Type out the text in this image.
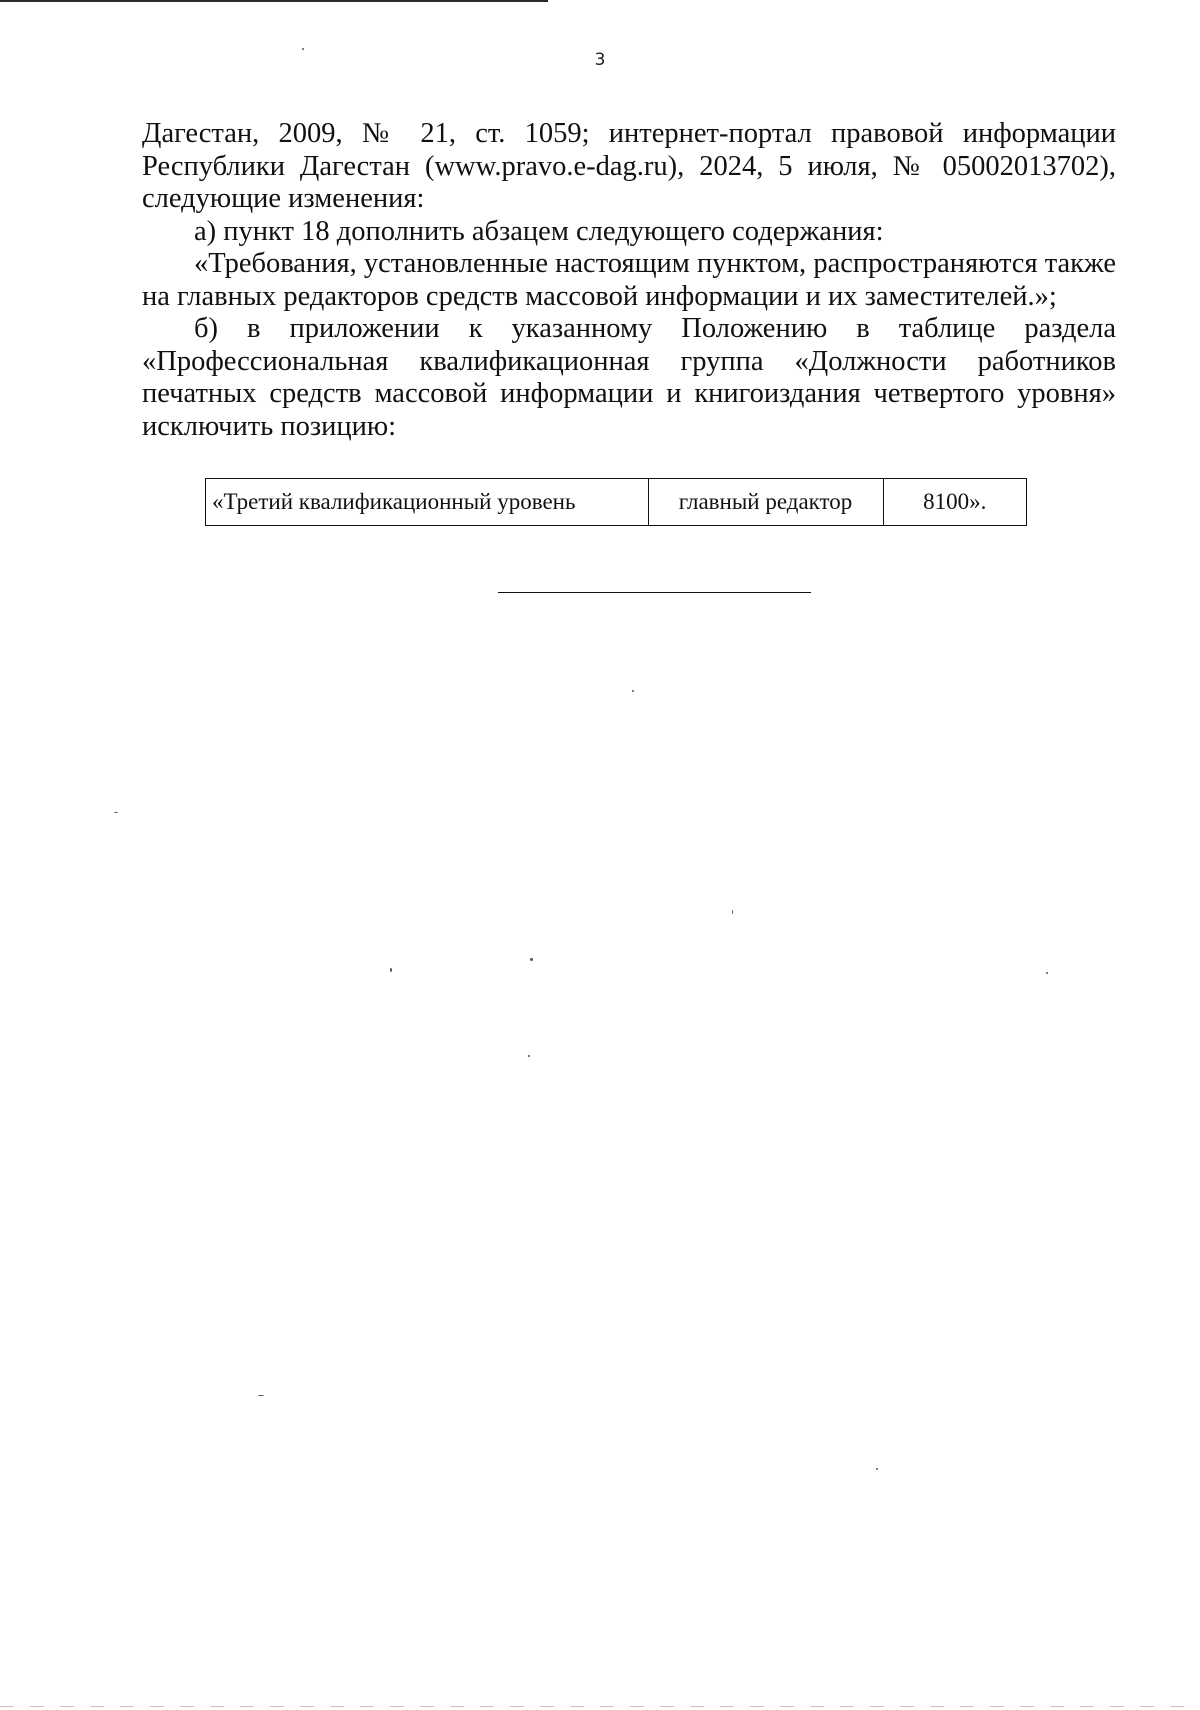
3

Дагестан, 2009, № 21, ст. 1059; интернет-портал правовой информации Республики Дагестан (www.pravo.e-dag.ru), 2024, 5 июля, № 05002013702), следующие изменения:

а) пункт 18 дополнить абзацем следующего содержания:

«Требования, установленные настоящим пунктом, распространяются также на главных редакторов средств массовой информации и их заместителей.»;

б) в приложении к указанному Положению в таблице раздела «Профессиональная квалификационная группа «Должности работников печатных средств массовой информации и книгоиздания четвертого уровня» исключить позицию:

«Третий квалификационный уровень	главный редактор	8100».
